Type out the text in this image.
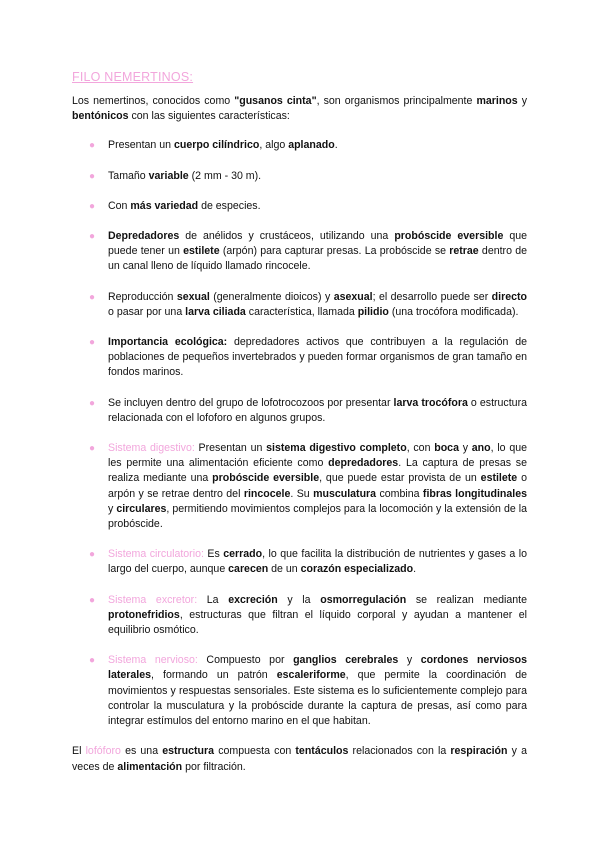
FILO NEMERTINOS:

Los nemertinos, conocidos como "gusanos cinta", son organismos principalmente marinos y bentónicos con las siguientes características:

● Presentan un cuerpo cilíndrico, algo aplanado.
● Tamaño variable (2 mm - 30 m).
● Con más variedad de especies.
● Depredadores de anélidos y crustáceos, utilizando una probóscide eversible que puede tener un estilete (arpón) para capturar presas. La probóscide se retrae dentro de un canal lleno de líquido llamado rincocele.
● Reproducción sexual (generalmente dioicos) y asexual; el desarrollo puede ser directo o pasar por una larva ciliada característica, llamada pilidio (una trocófora modificada).
● Importancia ecológica: depredadores activos que contribuyen a la regulación de poblaciones de pequeños invertebrados y pueden formar organismos de gran tamaño en fondos marinos.
● Se incluyen dentro del grupo de lofotrocozoos por presentar larva trocófora o estructura relacionada con el lofoforo en algunos grupos.
● Sistema digestivo: Presentan un sistema digestivo completo, con boca y ano, lo que les permite una alimentación eficiente como depredadores. La captura de presas se realiza mediante una probóscide eversible, que puede estar provista de un estilete o arpón y se retrae dentro del rincocele. Su musculatura combina fibras longitudinales y circulares, permitiendo movimientos complejos para la locomoción y la extensión de la probóscide.
● Sistema circulatorio: Es cerrado, lo que facilita la distribución de nutrientes y gases a lo largo del cuerpo, aunque carecen de un corazón especializado.
● Sistema excretor: La excreción y la osmorregulación se realizan mediante protonefridios, estructuras que filtran el líquido corporal y ayudan a mantener el equilibrio osmótico.
● Sistema nervioso: Compuesto por ganglios cerebrales y cordones nerviosos laterales, formando un patrón escaleriforme, que permite la coordinación de movimientos y respuestas sensoriales. Este sistema es lo suficientemente complejo para controlar la musculatura y la probóscide durante la captura de presas, así como para integrar estímulos del entorno marino en el que habitan.

El lofóforo es una estructura compuesta con tentáculos relacionados con la respiración y a veces de alimentación por filtración.
